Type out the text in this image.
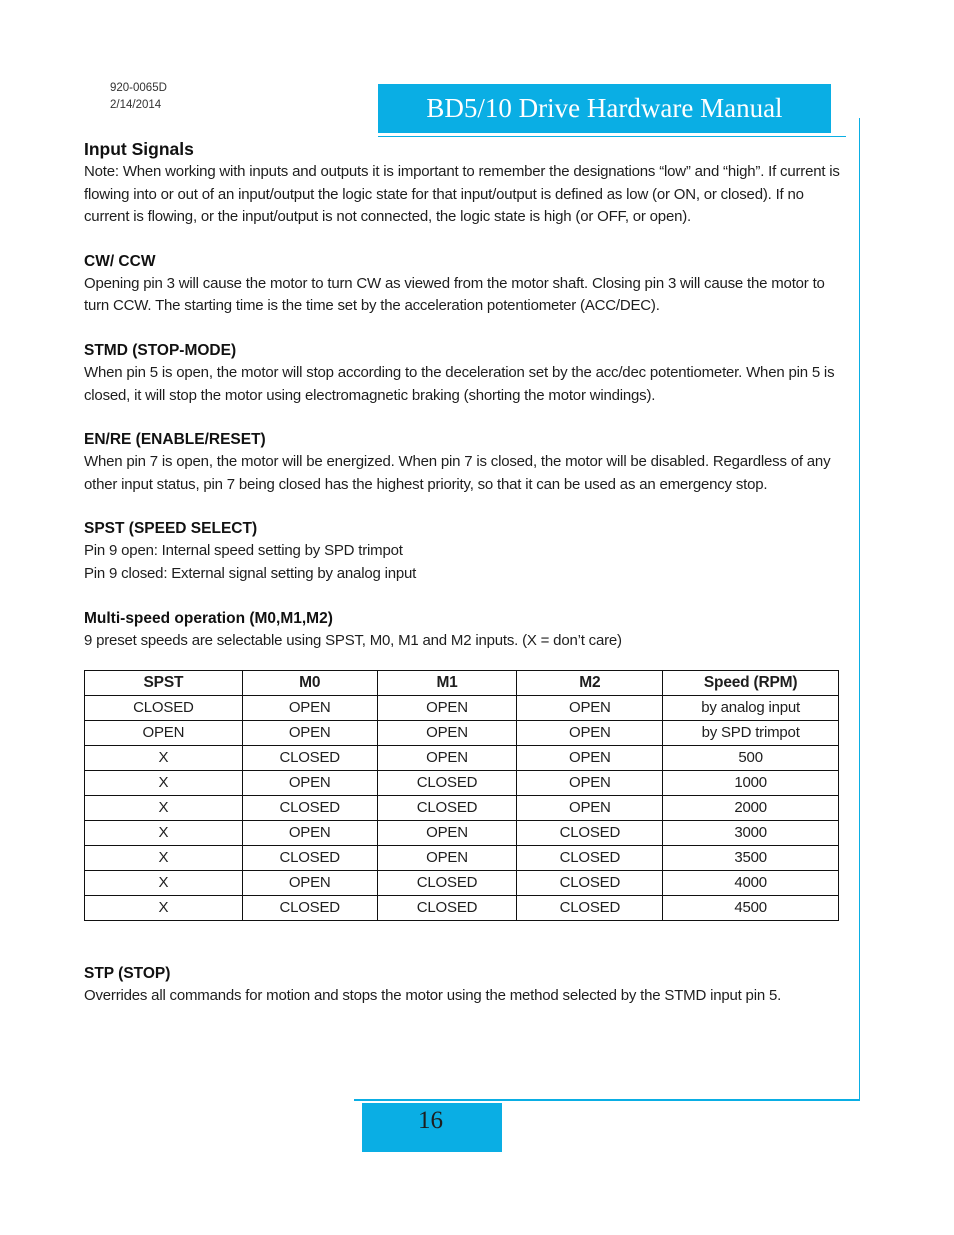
920-0065D
2/14/2014	BD5/10 Drive Hardware Manual
Input Signals

Note: When working with inputs and outputs it is important to remember the designations “low” and “high”. If current is flowing into or out of an input/output the logic state for that input/output is defined as low (or ON, or closed). If no current is flowing, or the input/output is not connected, the logic state is high (or OFF, or open).

CW/ CCW

Opening pin 3 will cause the motor to turn CW as viewed from the motor shaft. Closing pin 3 will cause the motor to turn CCW. The starting time is the time set by the acceleration potentiometer (ACC/DEC).

STMD (STOP-MODE)

When pin 5 is open, the motor will stop according to the deceleration set by the acc/dec potentiometer. When pin 5 is closed, it will stop the motor using electromagnetic braking (shorting the motor windings).

EN/RE (ENABLE/RESET)

When pin 7 is open, the motor will be energized. When pin 7 is closed, the motor will be disabled. Regardless of any other input status, pin 7 being closed has the highest priority, so that it can be used as an emergency stop.

SPST (SPEED SELECT)

Pin 9 open: Internal speed setting by SPD trimpot

Pin 9 closed: External signal setting by analog input

Multi-speed operation (M0,M1,M2)

9 preset speeds are selectable using SPST, M0, M1 and M2 inputs. (X = don’t care)

SPST	M0	M1	M2	Speed (RPM)
CLOSED	OPEN	OPEN	OPEN	by analog input
OPEN	OPEN	OPEN	OPEN	by SPD trimpot
X	CLOSED	OPEN	OPEN	500
X	OPEN	CLOSED	OPEN	1000
X	CLOSED	CLOSED	OPEN	2000
X	OPEN	OPEN	CLOSED	3000
X	CLOSED	OPEN	CLOSED	3500
X	OPEN	CLOSED	CLOSED	4000
X	CLOSED	CLOSED	CLOSED	4500
STP (STOP)

Overrides all commands for motion and stops the motor using the method selected by the STMD input pin 5.

16
